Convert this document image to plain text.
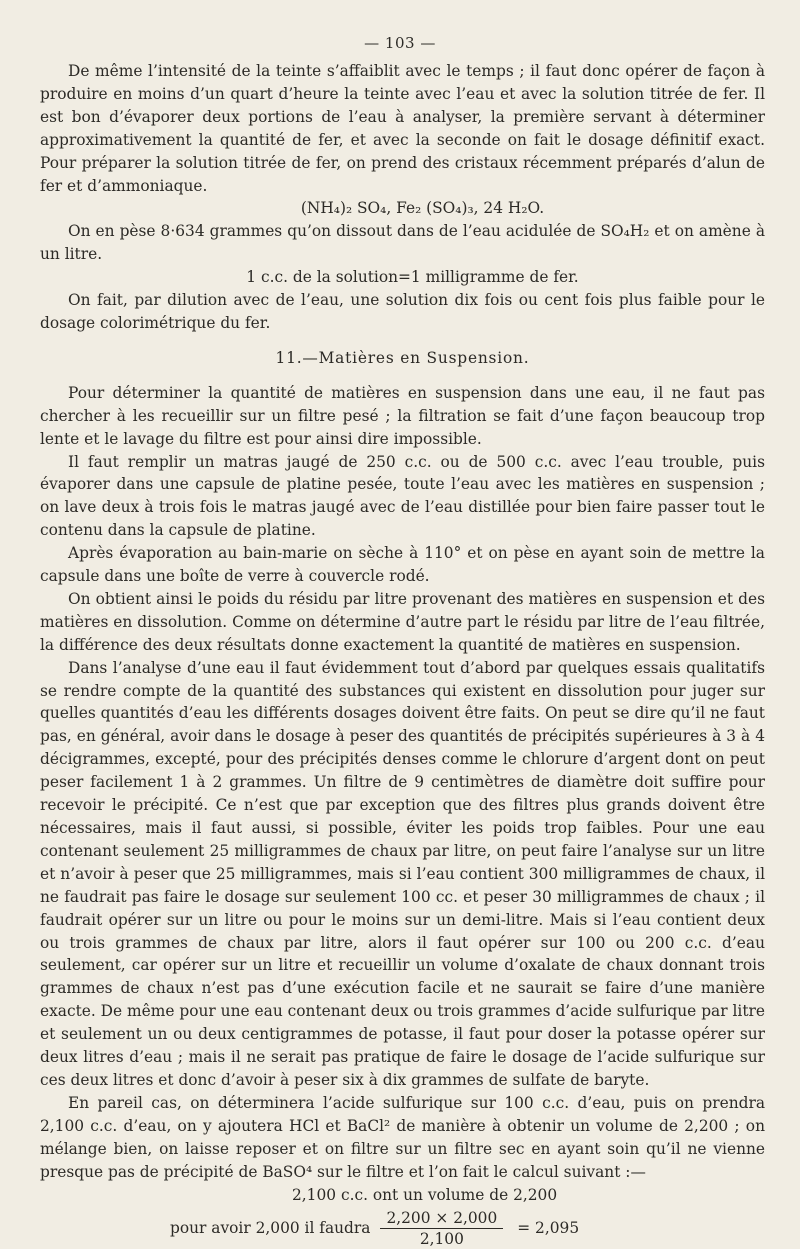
— 103 —

De même l’intensité de la teinte s’affaiblit avec le temps ; il faut donc opérer de façon à produire en moins d’un quart d’heure la teinte avec l’eau et avec la solution titrée de fer. Il est bon d’évaporer deux portions de l’eau à analyser, la première servant à déterminer approximativement la quantité de fer, et avec la seconde on fait le dosage définitif exact. Pour préparer la solution titrée de fer, on prend des cristaux récemment préparés d’alun de fer et d’ammoniaque.

(NH₄)₂ SO₄, Fe₂ (SO₄)₃, 24 H₂O.

On en pèse 8·634 grammes qu’on dissout dans de l’eau acidulée de SO₄H₂ et on amène à un litre.

1 c.c. de la solution=1 milligramme de fer.

On fait, par dilution avec de l’eau, une solution dix fois ou cent fois plus faible pour le dosage colorimétrique du fer.

11.—Matières en Suspension.

Pour déterminer la quantité de matières en suspension dans une eau, il ne faut pas chercher à les recueillir sur un filtre pesé ; la filtration se fait d’une façon beaucoup trop lente et le lavage du filtre est pour ainsi dire impossible.

Il faut remplir un matras jaugé de 250 c.c. ou de 500 c.c. avec l’eau trouble, puis évaporer dans une capsule de platine pesée, toute l’eau avec les matières en suspension ; on lave deux à trois fois le matras jaugé avec de l’eau distillée pour bien faire passer tout le contenu dans la capsule de platine.

Après évaporation au bain-marie on sèche à 110° et on pèse en ayant soin de mettre la capsule dans une boîte de verre à couvercle rodé.

On obtient ainsi le poids du résidu par litre provenant des matières en suspension et des matières en dissolution. Comme on détermine d’autre part le résidu par litre de l’eau filtrée, la différence des deux résultats donne exactement la quantité de matières en suspension.

Dans l’analyse d’une eau il faut évidemment tout d’abord par quelques essais qualitatifs se rendre compte de la quantité des substances qui existent en dissolution pour juger sur quelles quantités d’eau les différents dosages doivent être faits. On peut se dire qu’il ne faut pas, en général, avoir dans le dosage à peser des quantités de précipités supérieures à 3 à 4 décigrammes, excepté, pour des précipités denses comme le chlorure d’argent dont on peut peser facilement 1 à 2 grammes. Un filtre de 9 centimètres de diamètre doit suffire pour recevoir le précipité. Ce n’est que par exception que des filtres plus grands doivent être nécessaires, mais il faut aussi, si possible, éviter les poids trop faibles. Pour une eau contenant seulement 25 milligrammes de chaux par litre, on peut faire l’analyse sur un litre et n’avoir à peser que 25 milligrammes, mais si l’eau contient 300 milligrammes de chaux, il ne faudrait pas faire le dosage sur seulement 100 cc. et peser 30 milligrammes de chaux ; il faudrait opérer sur un litre ou pour le moins sur un demi-litre. Mais si l’eau contient deux ou trois grammes de chaux par litre, alors il faut opérer sur 100 ou 200 c.c. d’eau seulement, car opérer sur un litre et recueillir un volume d’oxalate de chaux donnant trois grammes de chaux n’est pas d’une exécution facile et ne saurait se faire d’une manière exacte. De même pour une eau contenant deux ou trois grammes d’acide sulfurique par litre et seulement un ou deux centigrammes de potasse, il faut pour doser la potasse opérer sur deux litres d’eau ; mais il ne serait pas pratique de faire le dosage de l’acide sulfurique sur ces deux litres et donc d’avoir à peser six à dix grammes de sulfate de baryte.

En pareil cas, on déterminera l’acide sulfurique sur 100 c.c. d’eau, puis on prendra 2,100 c.c. d’eau, on y ajoutera HCl et BaCl² de manière à obtenir un volume de 2,200 ; on mélange bien, on laisse reposer et on filtre sur un filtre sec en ayant soin qu’il ne vienne presque pas de précipité de BaSO⁴ sur le filtre et l’on fait le calcul suivant :—

2,100 c.c. ont un volume de 2,200
pour avoir 2,000 il faudra $\frac{2,200 \times 2,000}{2,100} = 2,095$
